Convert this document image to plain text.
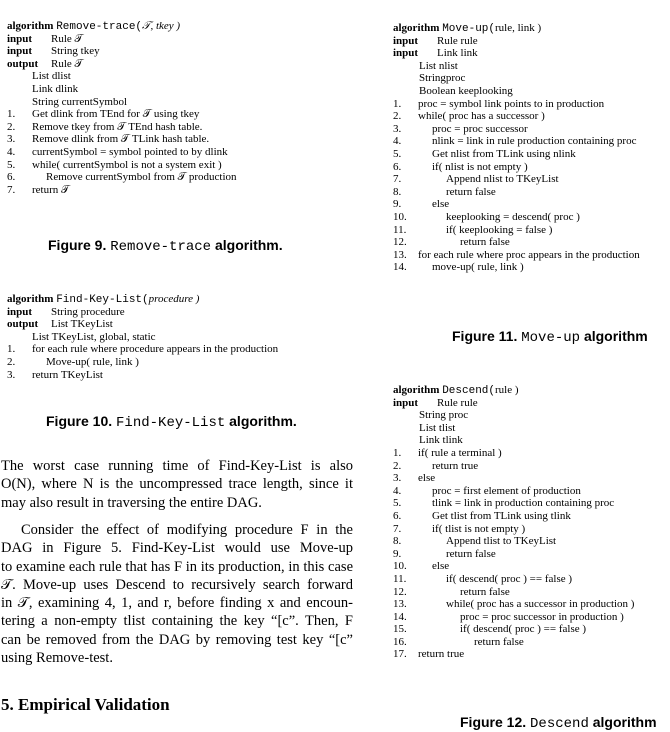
algorithm Remove-trace(𝒯, tkey )
input Rule 𝒯
input String tkey
output Rule 𝒯
List dlist
Link dlink
String currentSymbol
1.	Get dlink from TEnd for 𝒯 using tkey
2.	Remove tkey from 𝒯 TEnd hash table.
3.	Remove dlink from 𝒯 TLink hash table.
4.	currentSymbol = symbol pointed to by dlink
5.	while( currentSymbol is not a system exit )
6.	Remove currentSymbol from 𝒯 production
7.	return 𝒯
Figure 9. Remove-trace algorithm.
algorithm Find-Key-List(procedure )
input String procedure
output List TKeyList
List TKeyList, global, static
1.	for each rule where procedure appears in the production
2.	Move-up( rule, link )
3.	return TKeyList
Figure 10. Find-Key-List algorithm.
The worst case running time of Find-Key-List is also
O(N), where N is the uncompressed trace length, since it
may also result in traversing the entire DAG.
Consider the effect of modifying procedure F in the
DAG in Figure 5. Find-Key-List would use Move-up
to examine each rule that has F in its production, in this case
𝒯. Move-up uses Descend to recursively search forward
in 𝒯, examining 4, 1, and r, before finding x and encoun-
tering a non-empty tlist containing the key “[c”. Then, F
can be removed from the DAG by removing test key “[c”
using Remove-test.
5. Empirical Validation
algorithm Move-up(rule, link )
input Rule rule
input Link link
List nlist
Stringproc
Boolean keeplooking
1.	proc = symbol link points to in production
2.	while( proc has a successor )
3.	proc = proc successor
4.	nlink = link in rule production containing proc
5.	Get nlist from TLink using nlink
6.	if( nlist is not empty )
7.	Append nlist to TKeyList
8.	return false
9.	else
10.	keeplooking = descend( proc )
11.	if( keeplooking = false )
12.	return false
13.	for each rule where proc appears in the production
14.	move-up( rule, link )
Figure 11. Move-up algorithm
algorithm Descend(rule )
input Rule rule
String proc
List tlist
Link tlink
1.	if( rule a terminal )
2.	return true
3.	else
4.	proc = first element of production
5.	tlink = link in production containing proc
6.	Get tlist from TLink using tlink
7.	if( tlist is not empty )
8.	Append tlist to TKeyList
9.	return false
10.	else
11.	if( descend( proc ) == false )
12.	return false
13.	while( proc has a successor in production )
14.	proc = proc successor in production )
15.	if( descend( proc ) == false )
16.	return false
17.	return true
Figure 12. Descend algorithm
